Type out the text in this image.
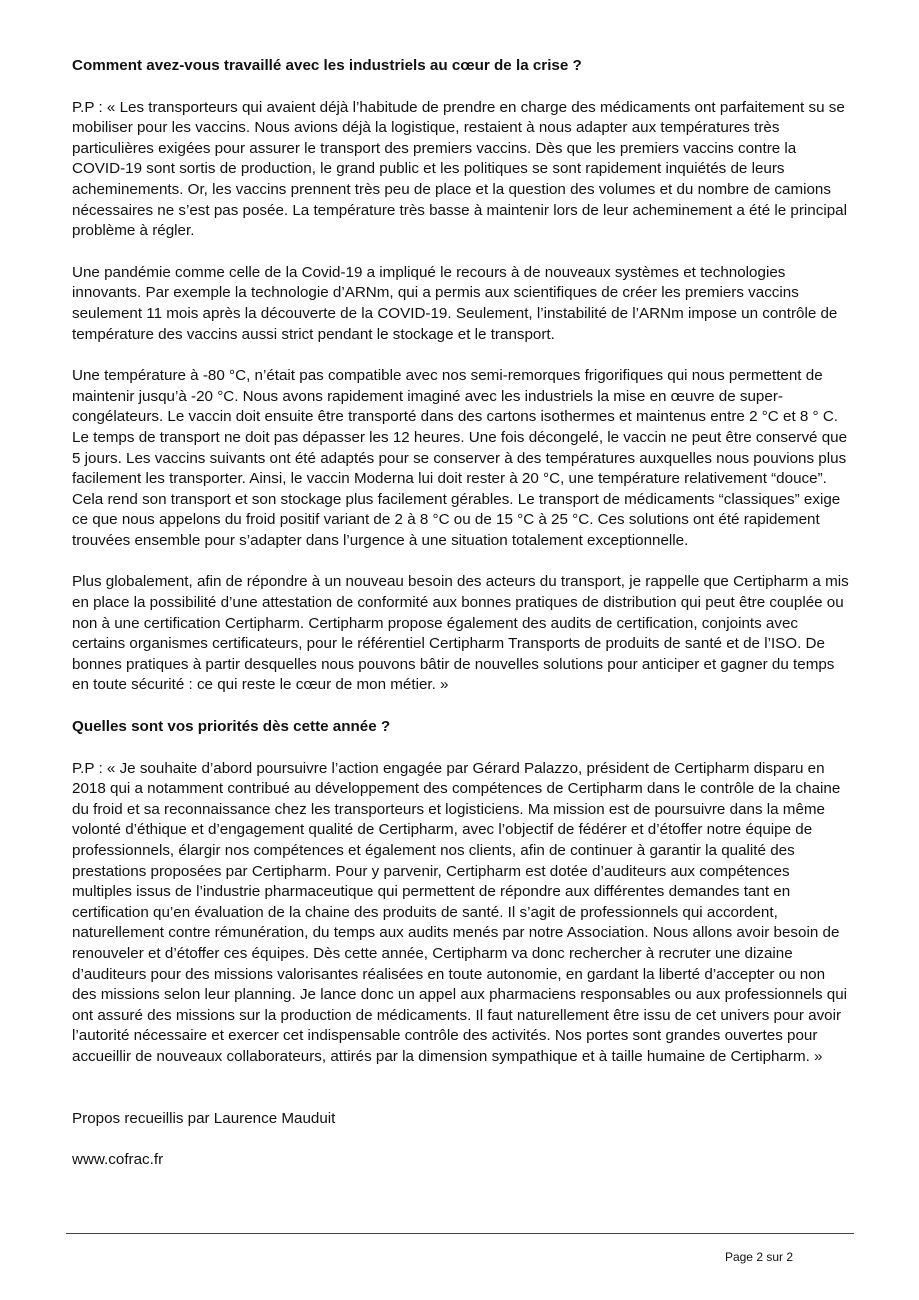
Comment avez-vous travaillé avec les industriels au cœur de la crise ?

P.P : « Les transporteurs qui avaient déjà l’habitude de prendre en charge des médicaments ont parfaitement su se mobiliser pour les vaccins. Nous avions déjà la logistique, restaient à nous adapter aux températures très particulières exigées pour assurer le transport des premiers vaccins. Dès que les premiers vaccins contre la COVID-19 sont sortis de production, le grand public et les politiques se sont rapidement inquiétés de leurs acheminements. Or, les vaccins prennent très peu de place et la question des volumes et du nombre de camions nécessaires ne s’est pas posée. La température très basse à maintenir lors de leur acheminement a été le principal problème à régler.

Une pandémie comme celle de la Covid-19 a impliqué le recours à de nouveaux systèmes et technologies innovants. Par exemple la technologie d’ARNm, qui a permis aux scientifiques de créer les premiers vaccins seulement 11 mois après la découverte de la COVID-19. Seulement, l’instabilité de l’ARNm impose un contrôle de température des vaccins aussi strict pendant le stockage et le transport.

Une température à -80 °C, n’était pas compatible avec nos semi-remorques frigorifiques qui nous permettent de maintenir jusqu’à -20 °C. Nous avons rapidement imaginé avec les industriels la mise en œuvre de super-congélateurs. Le vaccin doit ensuite être transporté dans des cartons isothermes et maintenus entre 2 °C et 8 ° C. Le temps de transport ne doit pas dépasser les 12 heures. Une fois décongelé, le vaccin ne peut être conservé que 5 jours. Les vaccins suivants ont été adaptés pour se conserver à des températures auxquelles nous pouvions plus facilement les transporter. Ainsi, le vaccin Moderna lui doit rester à 20 °C, une température relativement “douce”. Cela rend son transport et son stockage plus facilement gérables. Le transport de médicaments “classiques” exige ce que nous appelons du froid positif variant de 2 à 8 °C ou de 15 °C à 25 °C. Ces solutions ont été rapidement trouvées ensemble pour s’adapter dans l’urgence à une situation totalement exceptionnelle.

Plus globalement, afin de répondre à un nouveau besoin des acteurs du transport, je rappelle que Certipharm a mis en place la possibilité d’une attestation de conformité aux bonnes pratiques de distribution qui peut être couplée ou non à une certification Certipharm. Certipharm propose également des audits de certification, conjoints avec certains organismes certificateurs, pour le référentiel Certipharm Transports de produits de santé et de l’ISO. De bonnes pratiques à partir desquelles nous pouvons bâtir de nouvelles solutions pour anticiper et gagner du temps en toute sécurité : ce qui reste le cœur de mon métier. »

Quelles sont vos priorités dès cette année ?

P.P : « Je souhaite d’abord poursuivre l’action engagée par Gérard Palazzo, président de Certipharm disparu en 2018 qui a notamment contribué au développement des compétences de Certipharm dans le contrôle de la chaine du froid et sa reconnaissance chez les transporteurs et logisticiens. Ma mission est de poursuivre dans la même volonté d’éthique et d’engagement qualité de Certipharm, avec l’objectif de fédérer et d’étoffer notre équipe de professionnels, élargir nos compétences et également nos clients, afin de continuer à garantir la qualité des prestations proposées par Certipharm. Pour y parvenir, Certipharm est dotée d’auditeurs aux compétences multiples issus de l’industrie pharmaceutique qui permettent de répondre aux différentes demandes tant en certification qu’en évaluation de la chaine des produits de santé. Il s’agit de professionnels qui accordent, naturellement contre rémunération, du temps aux audits menés par notre Association. Nous allons avoir besoin de renouveler et d’étoffer ces équipes. Dès cette année, Certipharm va donc rechercher à recruter une dizaine d’auditeurs pour des missions valorisantes réalisées en toute autonomie, en gardant la liberté d’accepter ou non des missions selon leur planning. Je lance donc un appel aux pharmaciens responsables ou aux professionnels qui ont assuré des missions sur la production de médicaments. Il faut naturellement être issu de cet univers pour avoir l’autorité nécessaire et exercer cet indispensable contrôle des activités. Nos portes sont grandes ouvertes pour accueillir de nouveaux collaborateurs, attirés par la dimension sympathique et à taille humaine de Certipharm. »

Propos recueillis par Laurence Mauduit

www.cofrac.fr

Page 2 sur 2
